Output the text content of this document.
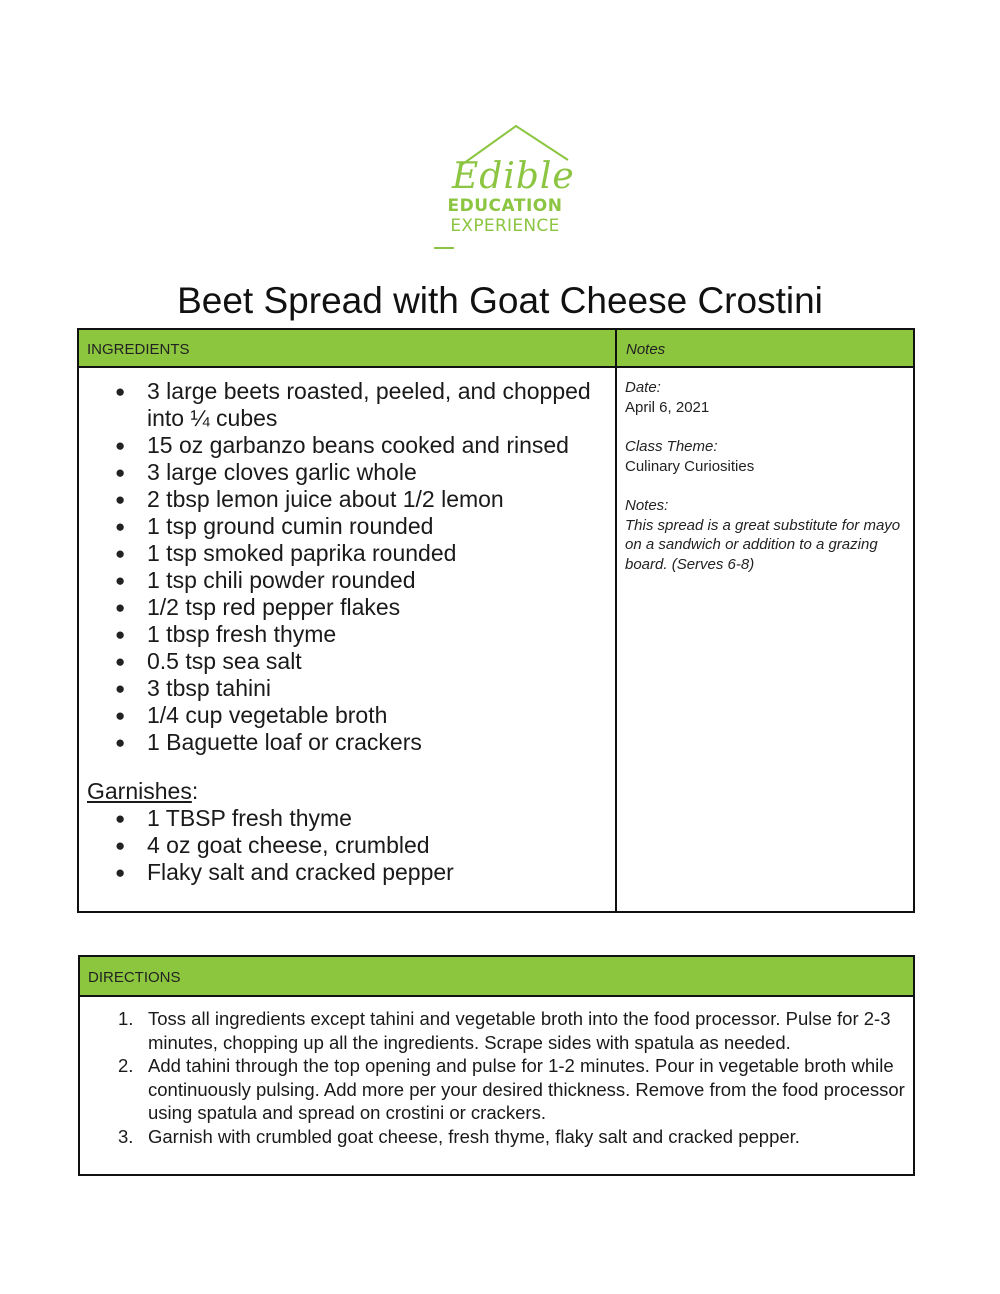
Edible
EDUCATION
EXPERIENCE
Beet Spread with Goat Cheese Crostini
INGREDIENTS	Notes
● 3 large beets roasted, peeled, and chopped into ¼ cubes
● 15 oz garbanzo beans cooked and rinsed
● 3 large cloves garlic whole
● 2 tbsp lemon juice about 1/2 lemon
● 1 tsp ground cumin rounded
● 1 tsp smoked paprika rounded
● 1 tsp chili powder rounded
● 1/2 tsp red pepper flakes
● 1 tbsp fresh thyme
● 0.5 tsp sea salt
● 3 tbsp tahini
● 1/4 cup vegetable broth
● 1 Baguette loaf or crackers
Garnishes:
● 1 TBSP fresh thyme
● 4 oz goat cheese, crumbled
● Flaky salt and cracked pepper
Date:
April 6, 2021
Class Theme:
Culinary Curiosities
Notes:
This spread is a great substitute for mayo on a sandwich or addition to a grazing board. (Serves 6-8)
DIRECTIONS
1. Toss all ingredients except tahini and vegetable broth into the food processor. Pulse for 2-3 minutes, chopping up all the ingredients. Scrape sides with spatula as needed.
2. Add tahini through the top opening and pulse for 1-2 minutes. Pour in vegetable broth while continuously pulsing. Add more per your desired thickness. Remove from the food processor using spatula and spread on crostini or crackers.
3. Garnish with crumbled goat cheese, fresh thyme, flaky salt and cracked pepper.
